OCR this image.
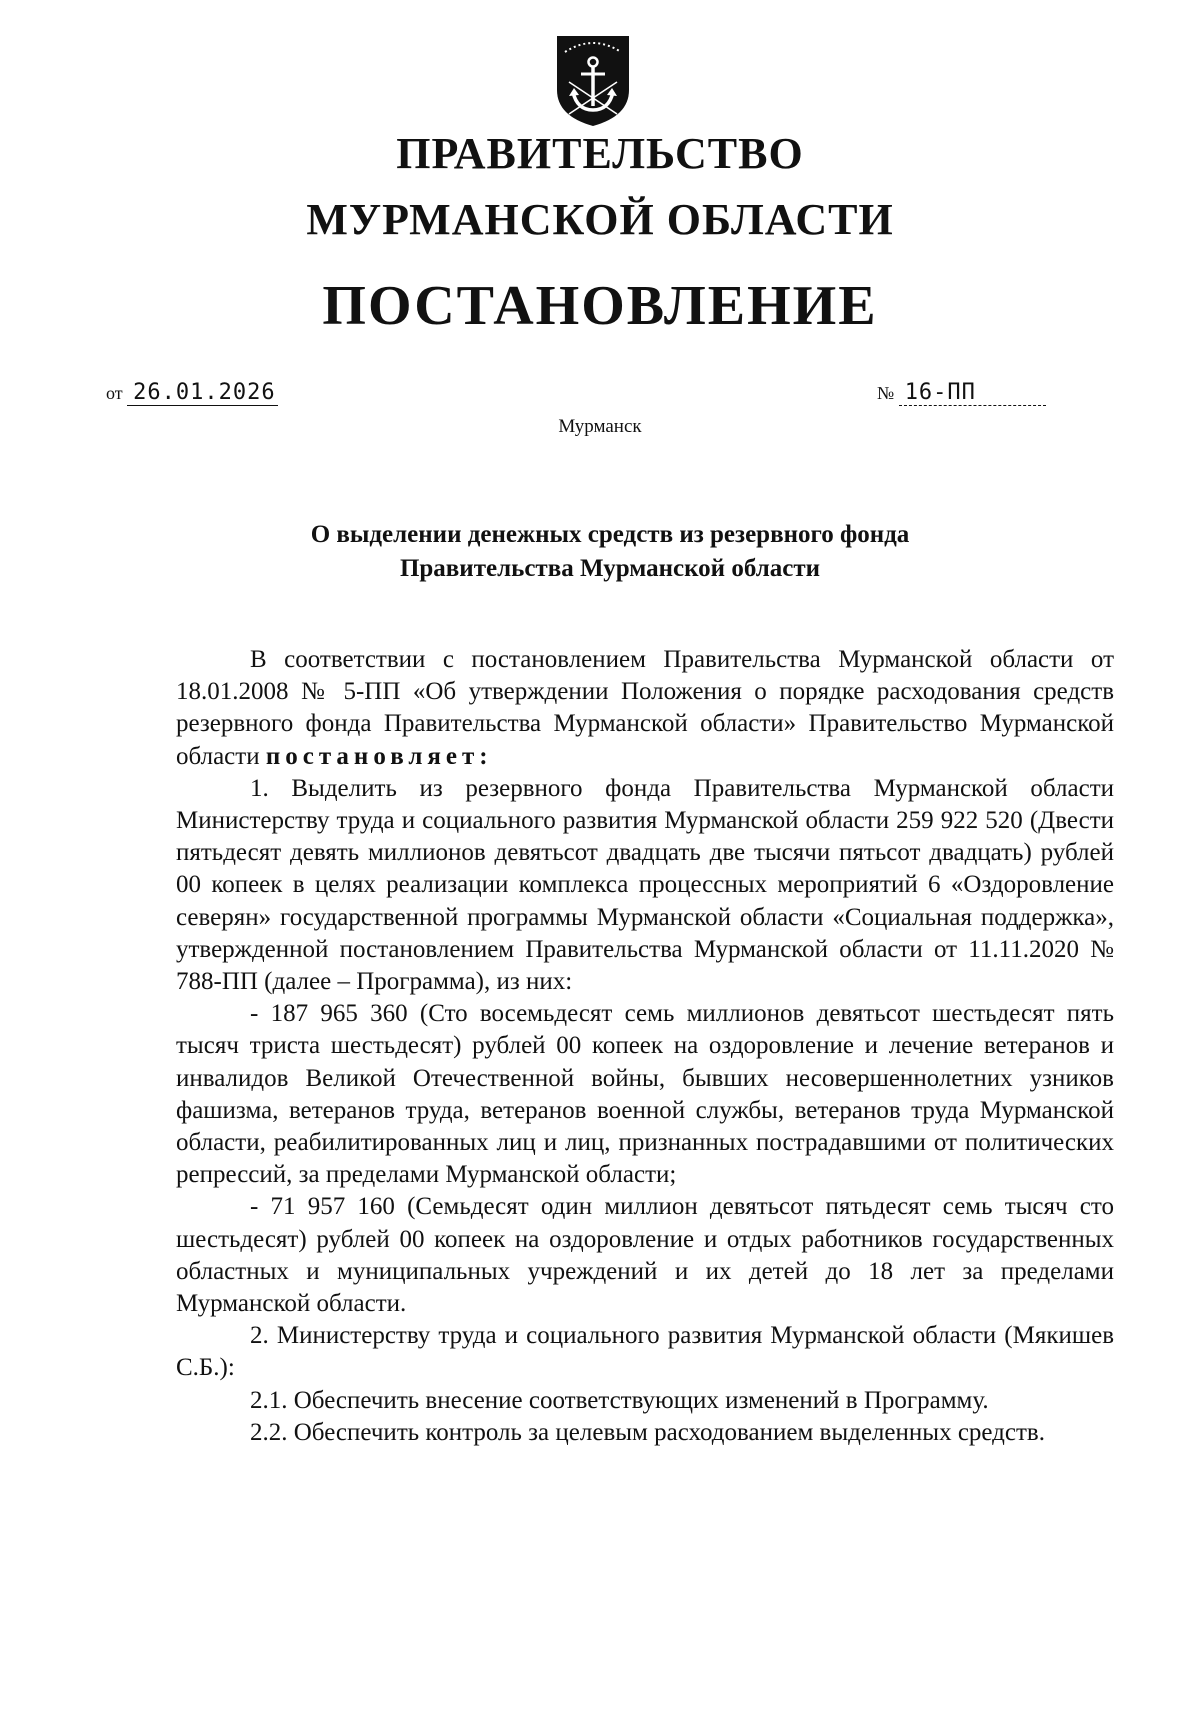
ПРАВИТЕЛЬСТВО
МУРМАНСКОЙ ОБЛАСТИ
ПОСТАНОВЛЕНИЕ
от 26.01.2026	№ 16-ПП
Мурманск
О выделении денежных средств из резервного фонда
Правительства Мурманской области

В соответствии с постановлением Правительства Мурманской области от 18.01.2008 № 5-ПП «Об утверждении Положения о порядке расходования средств резервного фонда Правительства Мурманской области» Правительство Мурманской области постановляет:

1. Выделить из резервного фонда Правительства Мурманской области Министерству труда и социального развития Мурманской области 259 922 520 (Двести пятьдесят девять миллионов девятьсот двадцать две тысячи пятьсот двадцать) рублей 00 копеек в целях реализации комплекса процессных мероприятий 6 «Оздоровление северян» государственной программы Мурманской области «Социальная поддержка», утвержденной постановлением Правительства Мурманской области от 11.11.2020 № 788-ПП (далее – Программа), из них:

- 187 965 360 (Сто восемьдесят семь миллионов девятьсот шестьдесят пять тысяч триста шестьдесят) рублей 00 копеек на оздоровление и лечение ветеранов и инвалидов Великой Отечественной войны, бывших несовершеннолетних узников фашизма, ветеранов труда, ветеранов военной службы, ветеранов труда Мурманской области, реабилитированных лиц и лиц, признанных пострадавшими от политических репрессий, за пределами Мурманской области;

- 71 957 160 (Семьдесят один миллион девятьсот пятьдесят семь тысяч сто шестьдесят) рублей 00 копеек на оздоровление и отдых работников государственных областных и муниципальных учреждений и их детей до 18 лет за пределами Мурманской области.

2. Министерству труда и социального развития Мурманской области (Мякишев С.Б.):

2.1. Обеспечить внесение соответствующих изменений в Программу.

2.2. Обеспечить контроль за целевым расходованием выделенных средств.
